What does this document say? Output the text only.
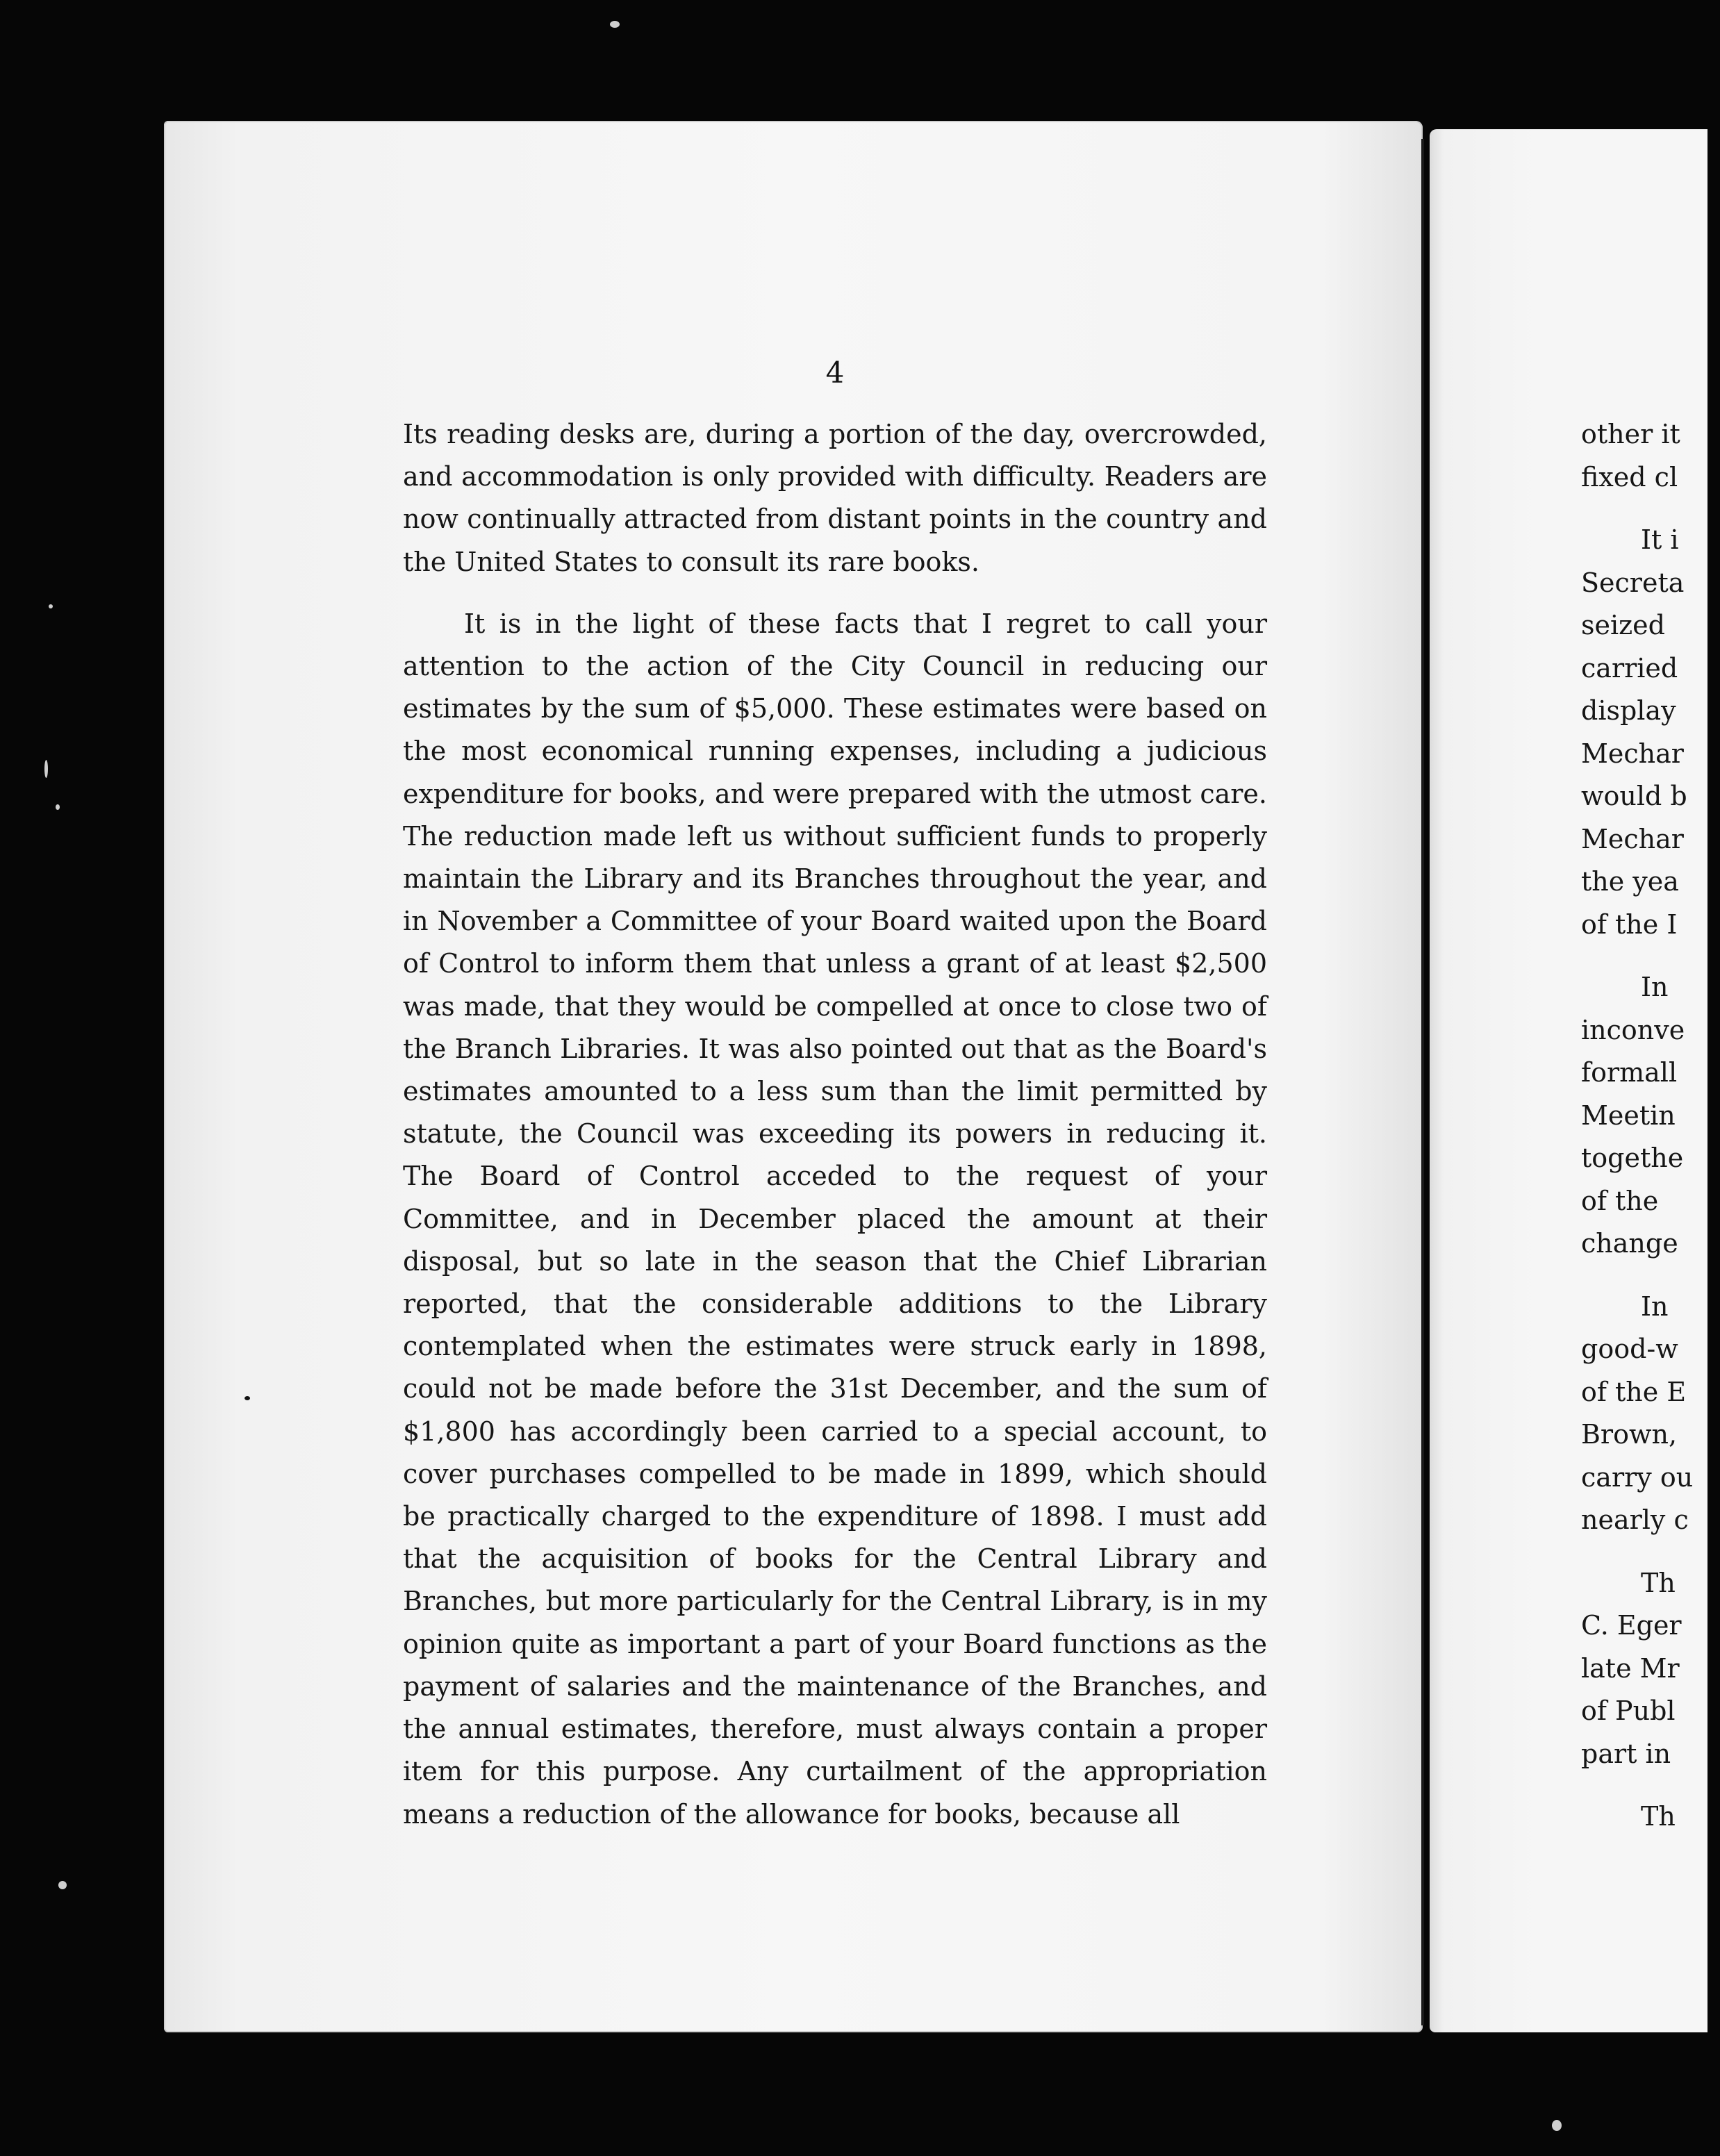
4

Its reading desks are, during a portion of the day, overcrowded, and accommodation is only provided with difficulty. Readers are now continually attracted from distant points in the country and the United States to consult its rare books.

It is in the light of these facts that I regret to call your attention to the action of the City Council in reducing our estimates by the sum of $5,000. These estimates were based on the most economical running expenses, including a judicious expenditure for books, and were prepared with the utmost care. The reduction made left us without sufficient funds to properly maintain the Library and its Branches throughout the year, and in November a Committee of your Board waited upon the Board of Control to inform them that unless a grant of at least $2,500 was made, that they would be compelled at once to close two of the Branch Libraries. It was also pointed out that as the Board's estimates amounted to a less sum than the limit permitted by statute, the Council was exceeding its powers in reducing it. The Board of Control acceded to the request of your Committee, and in December placed the amount at their disposal, but so late in the season that the Chief Librarian reported, that the considerable additions to the Library contemplated when the estimates were struck early in 1898, could not be made before the 31st December, and the sum of $1,800 has accordingly been carried to a special account, to cover purchases compelled to be made in 1899, which should be practically charged to the expenditure of 1898. I must add that the acquisition of books for the Central Library and Branches, but more particularly for the Central Library, is in my opinion quite as important a part of your Board functions as the payment of salaries and the maintenance of the Branches, and the annual estimates, therefore, must always contain a proper item for this purpose. Any curtailment of the appropriation means a reduction of the allowance for books, because all

other it
fixed cl
It i
Secreta
seized
carried
display
Mechar
would b
Mechar
the yea
of the I
In
inconve
formall
Meetin
togethe
of the
change
In
good-w
of the E
Brown,
carry ou
nearly c
Th
C. Eger
late Mr
of Publ
part in
Th
